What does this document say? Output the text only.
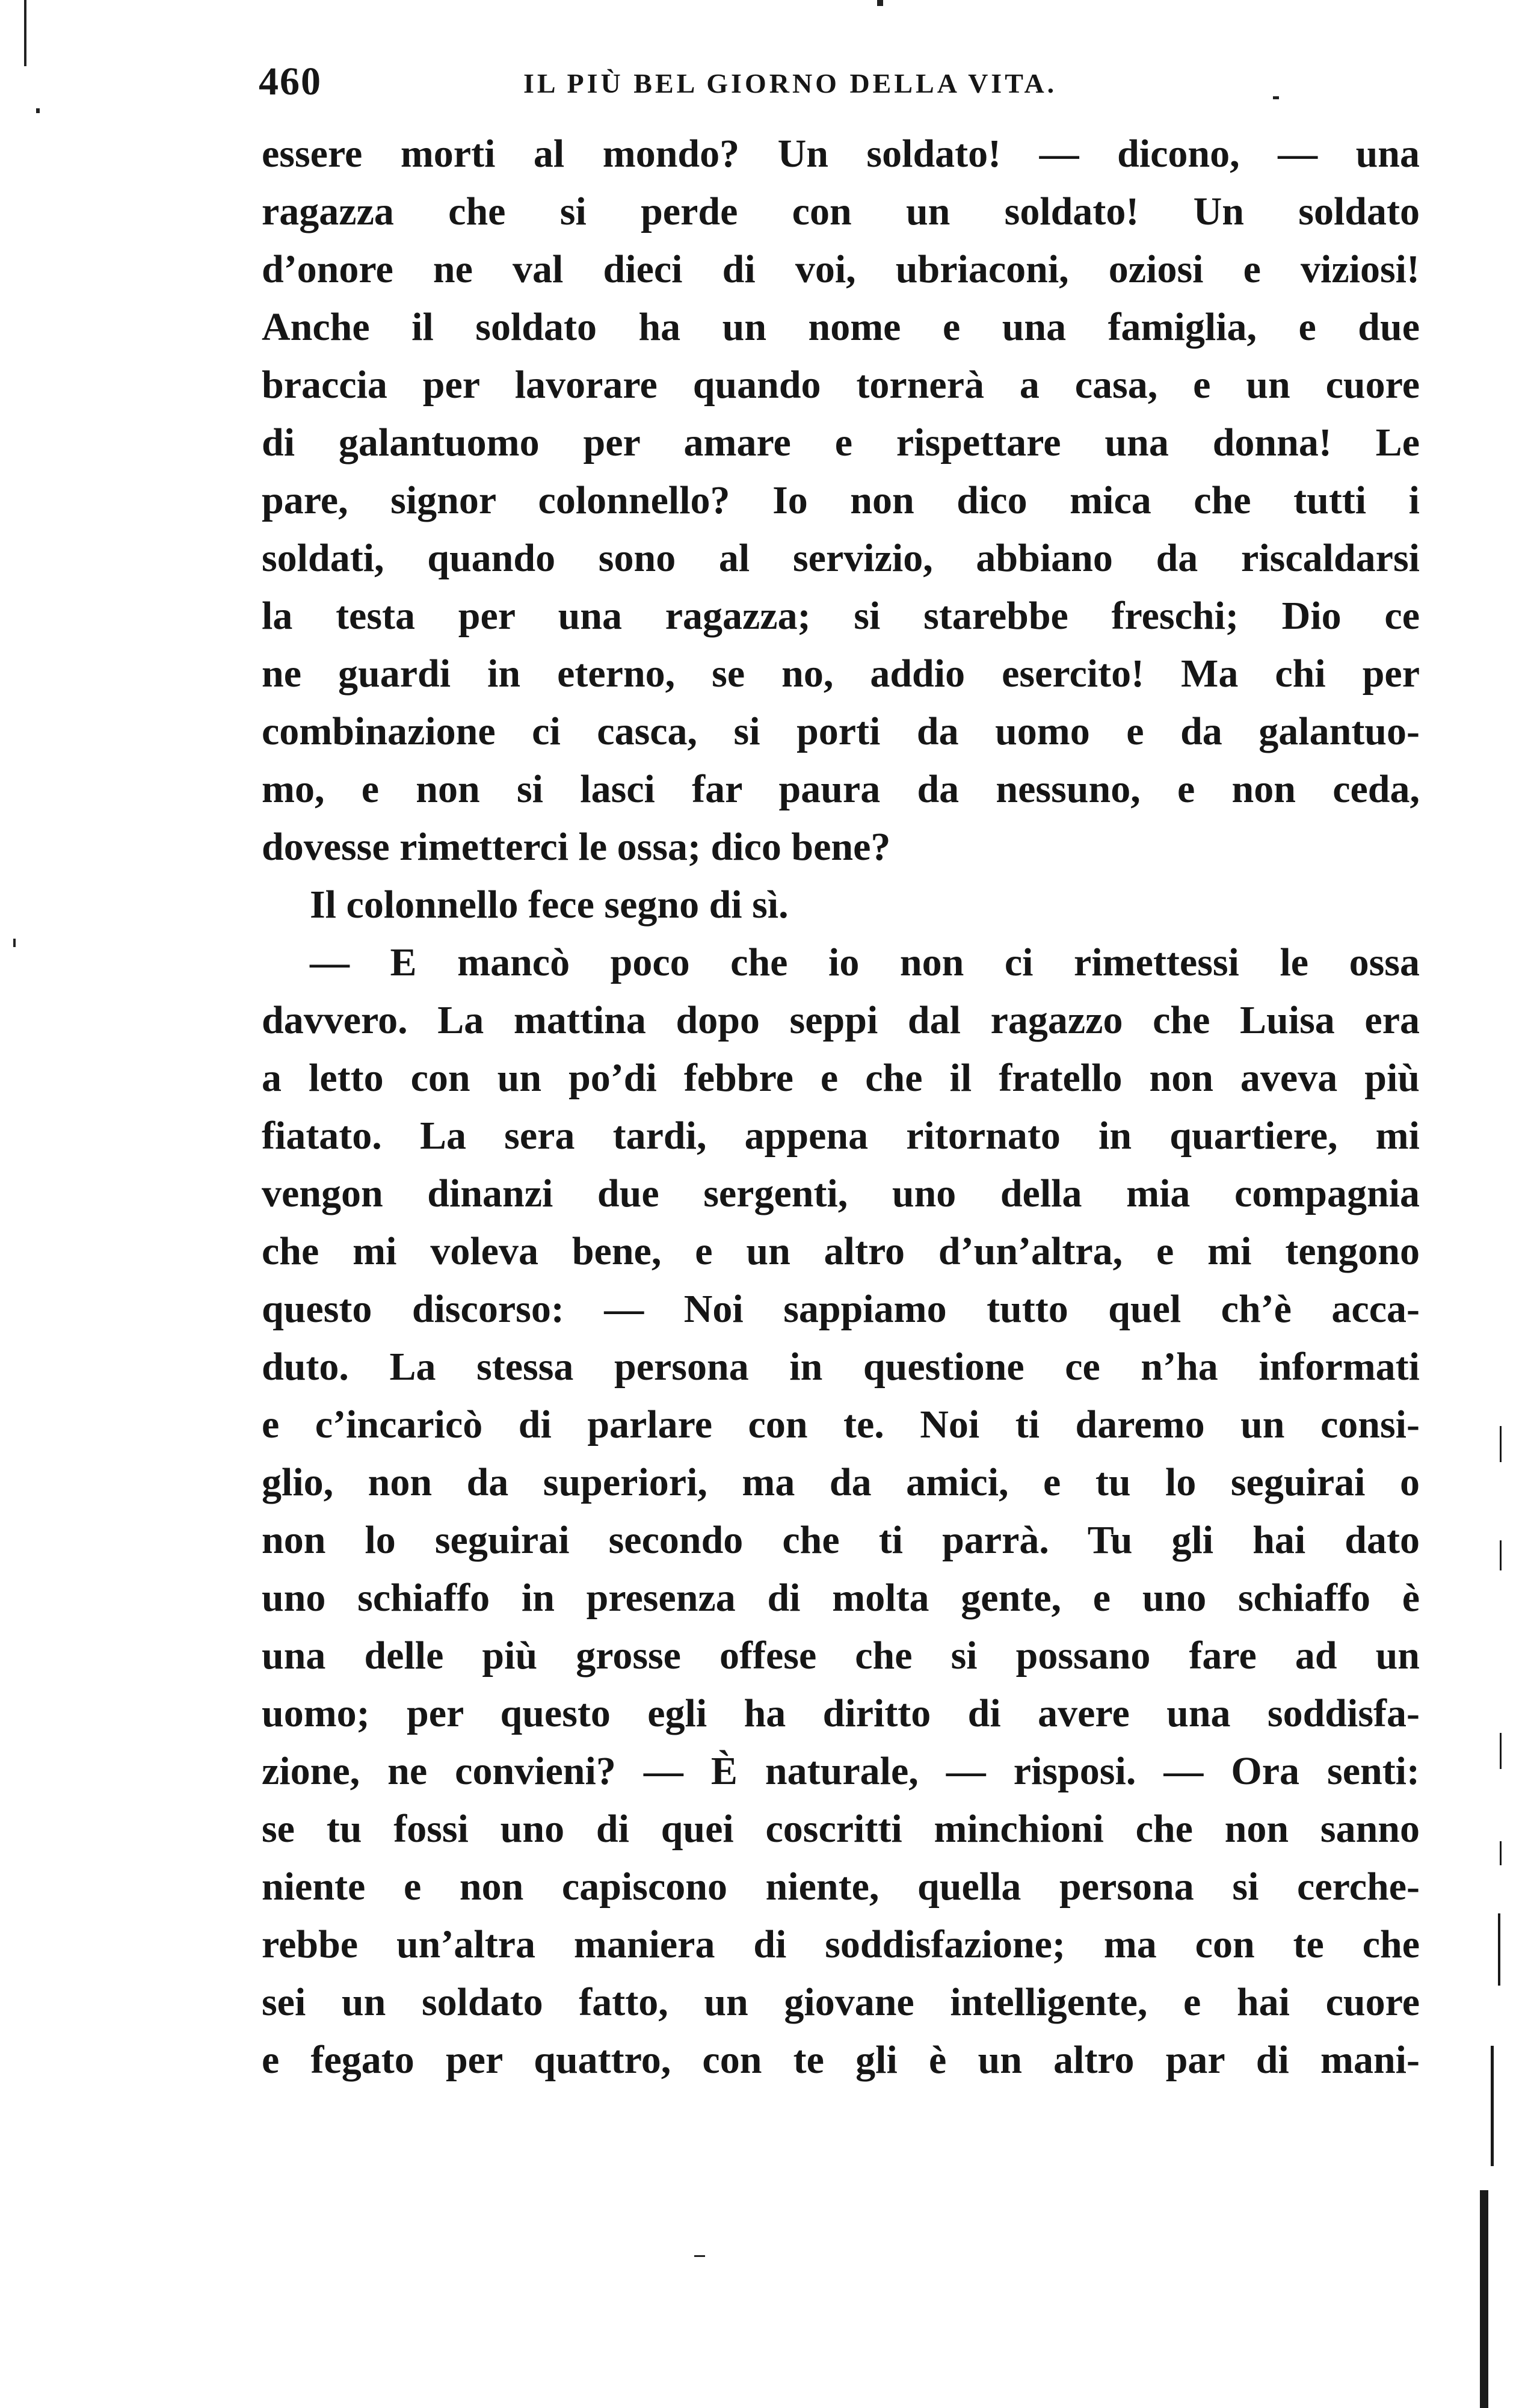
460	IL PIÙ BEL GIORNO DELLA VITA.
essere morti al mondo? Un soldato! — dicono, — una
ragazza che si perde con un soldato! Un soldato
d’onore ne val dieci di voi, ubriaconi, oziosi e viziosi!
Anche il soldato ha un nome e una famiglia, e due
braccia per lavorare quando tornerà a casa, e un cuore
di galantuomo per amare e rispettare una donna! Le
pare, signor colonnello? Io non dico mica che tutti i
soldati, quando sono al servizio, abbiano da riscaldarsi
la testa per una ragazza; si starebbe freschi; Dio ce
ne guardi in eterno, se no, addio esercito! Ma chi per
combinazione ci casca, si porti da uomo e da galantuo-
mo, e non si lasci far paura da nessuno, e non ceda,
dovesse rimetterci le ossa; dico bene?
Il colonnello fece segno di sì.
— E mancò poco che io non ci rimettessi le ossa
davvero. La mattina dopo seppi dal ragazzo che Luisa era
a letto con un po’di febbre e che il fratello non aveva più
fiatato. La sera tardi, appena ritornato in quartiere, mi
vengon dinanzi due sergenti, uno della mia compagnia
che mi voleva bene, e un altro d’un’altra, e mi tengono
questo discorso: — Noi sappiamo tutto quel ch’è acca-
duto. La stessa persona in questione ce n’ha informati
e c’incaricò di parlare con te. Noi ti daremo un consi-
glio, non da superiori, ma da amici, e tu lo seguirai o
non lo seguirai secondo che ti parrà. Tu gli hai dato
uno schiaffo in presenza di molta gente, e uno schiaffo è
una delle più grosse offese che si possano fare ad un
uomo; per questo egli ha diritto di avere una soddisfa-
zione, ne convieni? — È naturale, — risposi. — Ora senti:
se tu fossi uno di quei coscritti minchioni che non sanno
niente e non capiscono niente, quella persona si cerche-
rebbe un’altra maniera di soddisfazione; ma con te che
sei un soldato fatto, un giovane intelligente, e hai cuore
e fegato per quattro, con te gli è un altro par di mani-
